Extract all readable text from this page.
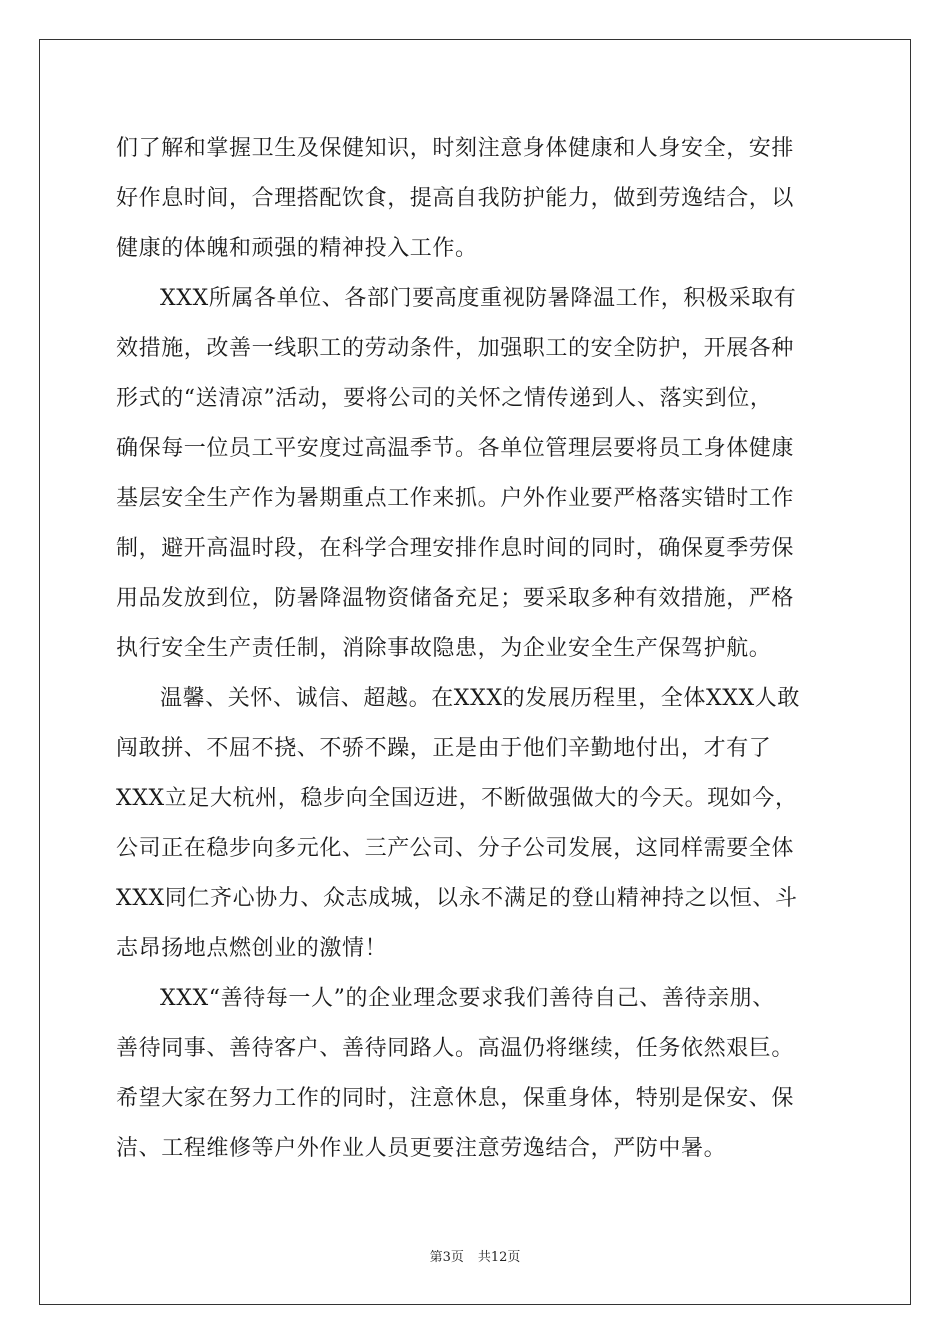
们了解和掌握卫生及保健知识，时刻注意身体健康和人身安全，安排
好作息时间，合理搭配饮食，提高自我防护能力，做到劳逸结合，以
健康的体魄和顽强的精神投入工作。
XXX所属各单位、各部门要高度重视防暑降温工作，积极采取有
效措施，改善一线职工的劳动条件，加强职工的安全防护，开展各种
形式的“送清凉”活动，要将公司的关怀之情传递到人、落实到位，
确保每一位员工平安度过高温季节。各单位管理层要将员工身体健康
基层安全生产作为暑期重点工作来抓。户外作业要严格落实错时工作
制，避开高温时段，在科学合理安排作息时间的同时，确保夏季劳保
用品发放到位，防暑降温物资储备充足；要采取多种有效措施，严格
执行安全生产责任制，消除事故隐患，为企业安全生产保驾护航。
温馨、关怀、诚信、超越。在XXX的发展历程里，全体XXX人敢
闯敢拼、不屈不挠、不骄不躁，正是由于他们辛勤地付出，才有了
XXX立足大杭州，稳步向全国迈进，不断做强做大的今天。现如今，
公司正在稳步向多元化、三产公司、分子公司发展，这同样需要全体
XXX同仁齐心协力、众志成城，以永不满足的登山精神持之以恒、斗
志昂扬地点燃创业的激情！
XXX“善待每一人”的企业理念要求我们善待自己、善待亲朋、
善待同事、善待客户、善待同路人。高温仍将继续，任务依然艰巨。
希望大家在努力工作的同时，注意休息，保重身体，特别是保安、保
洁、工程维修等户外作业人员更要注意劳逸结合，严防中暑。
第3页 共12页
